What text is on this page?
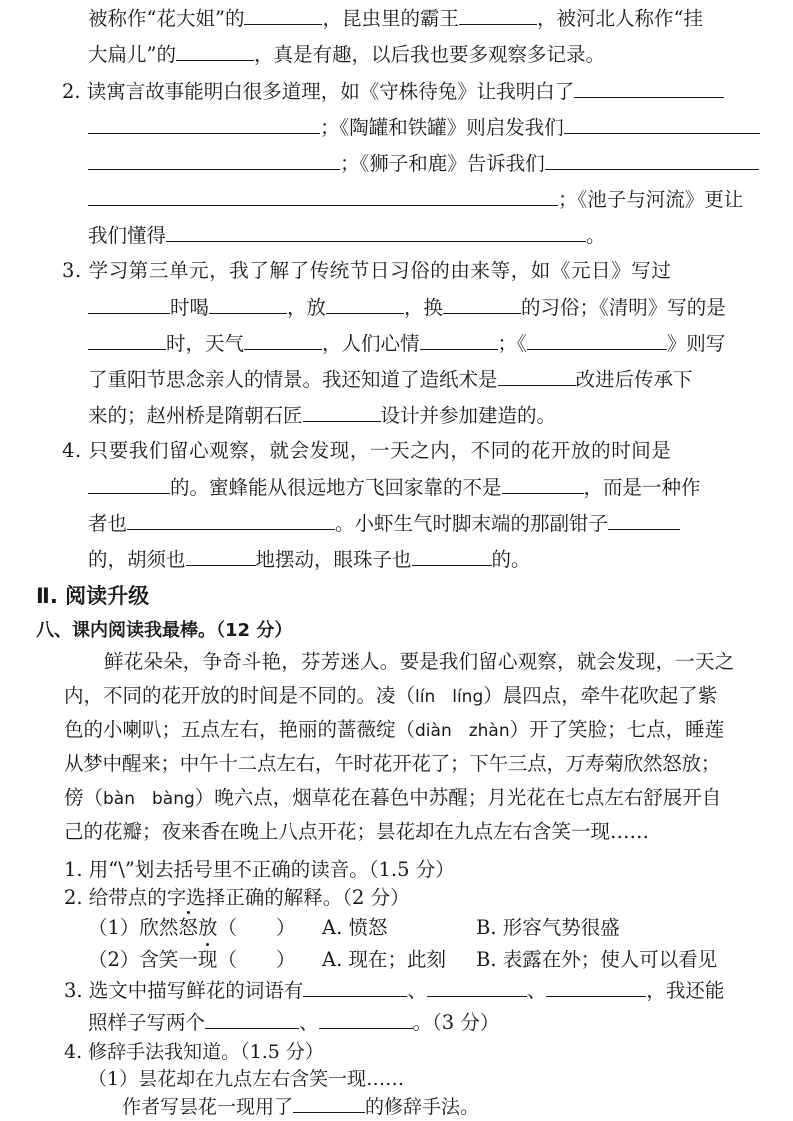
被称作“花大姐”的	，昆虫里的霸王	，被河北人称作“挂
大扁儿”的	，真是有趣，以后我也要多观察多记录。
2. 读寓言故事能明白很多道理，如《守株待兔》让我明白了
；《陶罐和铁罐》则启发我们
；《狮子和鹿》告诉我们
；《池子与河流》更让
我们懂得	。
3. 学习第三单元，我了解了传统节日习俗的由来等，如《元日》写过
时喝	，放	，换	的习俗；《清明》写的是
时，天气	，人们心情	；《	》则写
了重阳节思念亲人的情景。我还知道了造纸术是	改进后传承下
来的；赵州桥是隋朝石匠	设计并参加建造的。
4. 只要我们留心观察，就会发现，一天之内，不同的花开放的时间是
的。蜜蜂能从很远地方飞回家靠的不是	，而是一种作
者也	。小虾生气时脚末端的那副钳子
的，胡须也	地摆动，眼珠子也	的。
Ⅱ. 阅读升级
八、课内阅读我最棒。（12 分）
鲜花朵朵，争奇斗艳，芬芳迷人。要是我们留心观察，就会发现，一天之
内，不同的花开放的时间是不同的。凌（lín　líng）晨四点，牵牛花吹起了紫
色的小喇叭；五点左右，艳丽的蔷薇绽（diàn　zhàn）开了笑脸；七点，睡莲
从梦中醒来；中午十二点左右，午时花开花了；下午三点，万寿菊欣然怒放；
傍（bàn　bàng）晚六点，烟草花在暮色中苏醒；月光花在七点左右舒展开自
己的花瓣；夜来香在晚上八点开花；昙花却在九点左右含笑一现……
1. 用“\”划去括号里不正确的读音。（1.5 分）
2. 给带点的字选择正确的解释。（2 分）
（1）欣然怒放（　　） A. 愤怒	B. 形容气势很盛
（2）含笑一现（　　） A. 现在；此刻 B. 表露在外；使人可以看见
3. 选文中描写鲜花的词语有	、	、	，我还能
照样子写两个	、	。（3 分）
4. 修辞手法我知道。（1.5 分）
（1）昙花却在九点左右含笑一现……
作者写昙花一现用了	的修辞手法。
